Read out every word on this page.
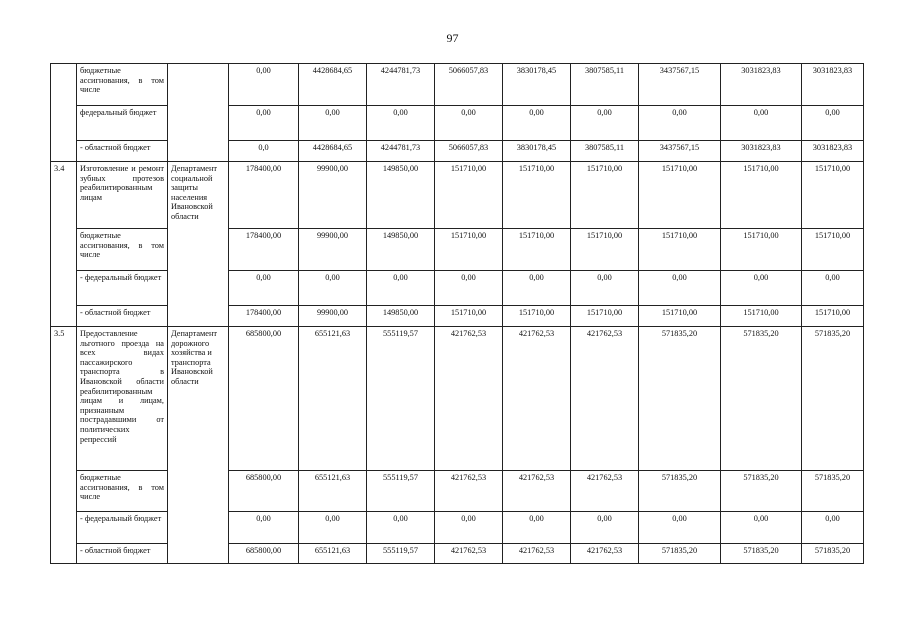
97
	бюджетные ассигнования, в том числе		0,00	4428684,65	4244781,73	5066057,83	3830178,45	3807585,11	3437567,15	3031823,83	3031823,83
	федеральный бюджет		0,00	0,00	0,00	0,00	0,00	0,00	0,00	0,00	0,00
	- областной бюджет		0,0	4428684,65	4244781,73	5066057,83	3830178,45	3807585,11	3437567,15	3031823,83	3031823,83
3.4	Изготовление и ремонт зубных протезов реабилитированным лицам	Департамент социальной защиты населения Ивановской области	178400,00	99900,00	149850,00	151710,00	151710,00	151710,00	151710,00	151710,00	151710,00
	бюджетные ассигнования, в том числе		178400,00	99900,00	149850,00	151710,00	151710,00	151710,00	151710,00	151710,00	151710,00
	- федеральный бюджет		0,00	0,00	0,00	0,00	0,00	0,00	0,00	0,00	0,00
	- областной бюджет		178400,00	99900,00	149850,00	151710,00	151710,00	151710,00	151710,00	151710,00	151710,00
3.5	Предоставление льготного проезда на всех видах пассажирского транспорта в Ивановской области реабилитированным лицам и лицам, признанным пострадавшими от политических репрессий	Департамент дорожного хозяйства и транспорта Ивановской области	685800,00	655121,63	555119,57	421762,53	421762,53	421762,53	571835,20	571835,20	571835,20
	бюджетные ассигнования, в том числе		685800,00	655121,63	555119,57	421762,53	421762,53	421762,53	571835,20	571835,20	571835,20
	- федеральный бюджет		0,00	0,00	0,00	0,00	0,00	0,00	0,00	0,00	0,00
	- областной бюджет		685800,00	655121,63	555119,57	421762,53	421762,53	421762,53	571835,20	571835,20	571835,20
